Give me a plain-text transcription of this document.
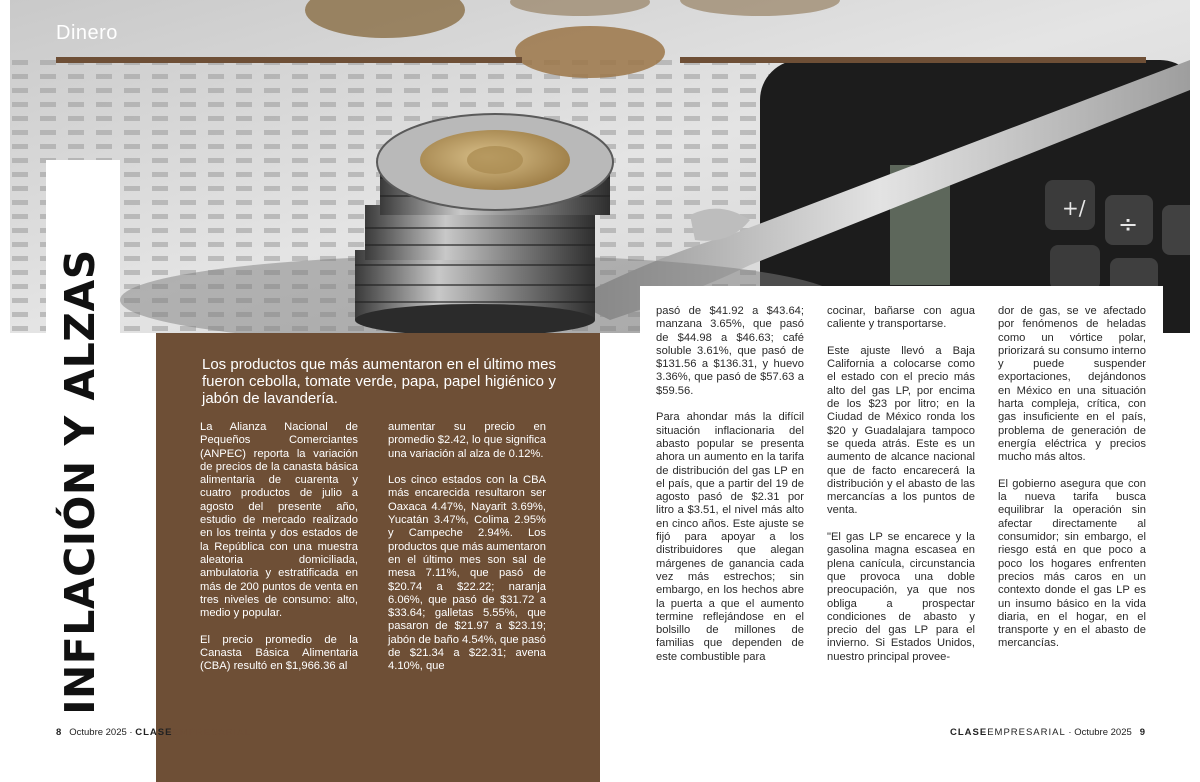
+/
÷
Dinero
INFLACIÓN Y ALZAS	Los productos que más aumentaron en el último mes fueron cebolla, tomate verde, papa, papel higiénico y jabón de lavandería.

La Alianza Nacional de Pequeños Comerciantes (ANPEC) reporta la variación de precios de la canasta básica alimentaria de cuarenta y cuatro productos de julio a agosto del presente año, estudio de mercado realizado en los treinta y dos estados de la República con una muestra aleatoria domiciliada, ambulatoria y estratificada en más de 200 puntos de venta en tres niveles de consumo: alto, medio y popular.

El precio promedio de la Canasta Básica Alimentaria (CBA) resultó en $1,966.36 al

aumentar su precio en promedio $2.42, lo que significa una variación al alza de 0.12%.

Los cinco estados con la CBA más encarecida resultaron ser Oaxaca 4.47%, Nayarit 3.69%, Yucatán 3.47%, Colima 2.95% y Campeche 2.94%. Los productos que más aumentaron en el último mes son sal de mesa 7.11%, que pasó de $20.74 a $22.22; naranja 6.06%, que pasó de $31.72 a $33.64; galletas 5.55%, que pasaron de $21.97 a $23.19; jabón de baño 4.54%, que pasó de $21.34 a $22.31; avena 4.10%, que

pasó de $41.92 a $43.64; manzana 3.65%, que pasó de $44.98 a $46.63; café soluble 3.61%, que pasó de $131.56 a $136.31, y huevo 3.36%, que pasó de $57.63 a $59.56.

Para ahondar más la difícil situación inflacionaria del abasto popular se presenta ahora un aumento en la tarifa de distribución del gas LP en el país, que a partir del 19 de agosto pasó de $2.31 por litro a $3.51, el nivel más alto en cinco años. Este ajuste se fijó para apoyar a los distribuidores que alegan márgenes de ganancia cada vez más estrechos; sin embargo, en los hechos abre la puerta a que el aumento termine reflejándose en el bolsillo de millones de familias que dependen de este combustible para

cocinar, bañarse con agua caliente y transportarse.

Este ajuste llevó a Baja California a colocarse como el estado con el precio más alto del gas LP, por encima de los $23 por litro; en la Ciudad de México ronda los $20 y Guadalajara tampoco se queda atrás. Este es un aumento de alcance nacional que de facto encarecerá la distribución y el abasto de las mercancías a los puntos de venta.

"El gas LP se encarece y la gasolina magna escasea en plena canícula, circunstancia que provoca una doble preocupación, ya que nos obliga a prospectar condiciones de abasto y precio del gas LP para el invierno. Si Estados Unidos, nuestro principal provee-

dor de gas, se ve afectado por fenómenos de heladas como un vórtice polar, priorizará su consumo interno y puede suspender exportaciones, dejándonos en México en una situación harta compleja, crítica, con gas insuficiente en el país, problema de generación de energía eléctrica y precios mucho más altos.

El gobierno asegura que con la nueva tarifa busca equilibrar la operación sin afectar directamente al consumidor; sin embargo, el riesgo está en que poco a poco los hogares enfrenten precios más caros en un contexto donde el gas LP es un insumo básico en la vida diaria, en el hogar, en el transporte y en el abasto de mercancías.

8 Octubre 2025 · CLASEEMPRESARIAL	CLASEEMPRESARIAL · Octubre 2025 9
